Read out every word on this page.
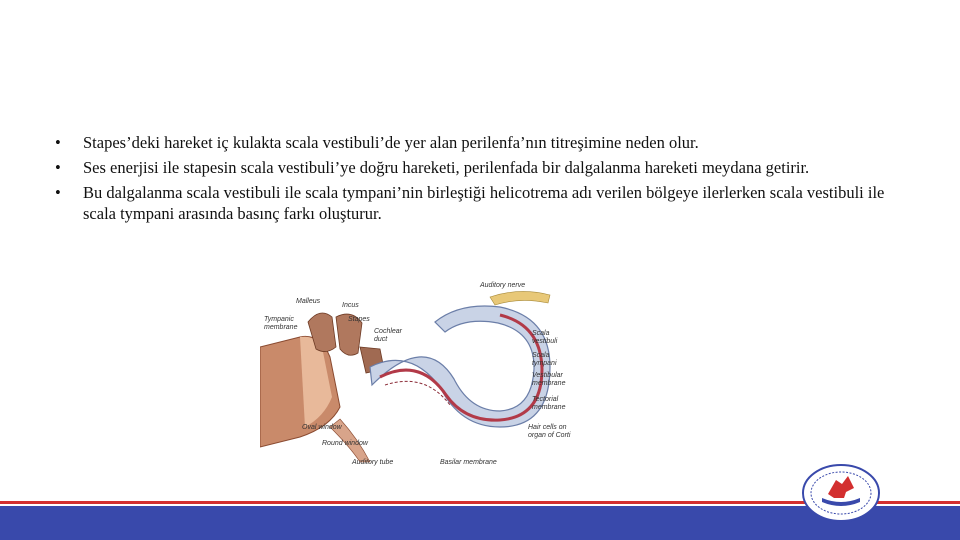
• Stapes’deki hareket iç kulakta scala vestibuli’de yer alan perilenfa’nın titreşimine neden olur.
• Ses enerjisi ile stapesin scala vestibuli’ye doğru hareketi, perilenfada bir dalgalanma hareketi meydana getirir.
• Bu dalgalanma scala vestibuli ile scala tympani’nin birleştiği helicotrema adı verilen bölgeye ilerlerken scala vestibuli ile scala tympani arasında basınç farkı oluşturur.
Malleus
Incus
Tympanic
membrane
Stapes
Cochlear
duct
Oval window
Round window
Auditory tube
Auditory nerve
Scala
vestibuli
Scala
tympani
Vestibular
membrane
Tectorial
membrane
Hair cells on
organ of Corti
Basilar membrane
